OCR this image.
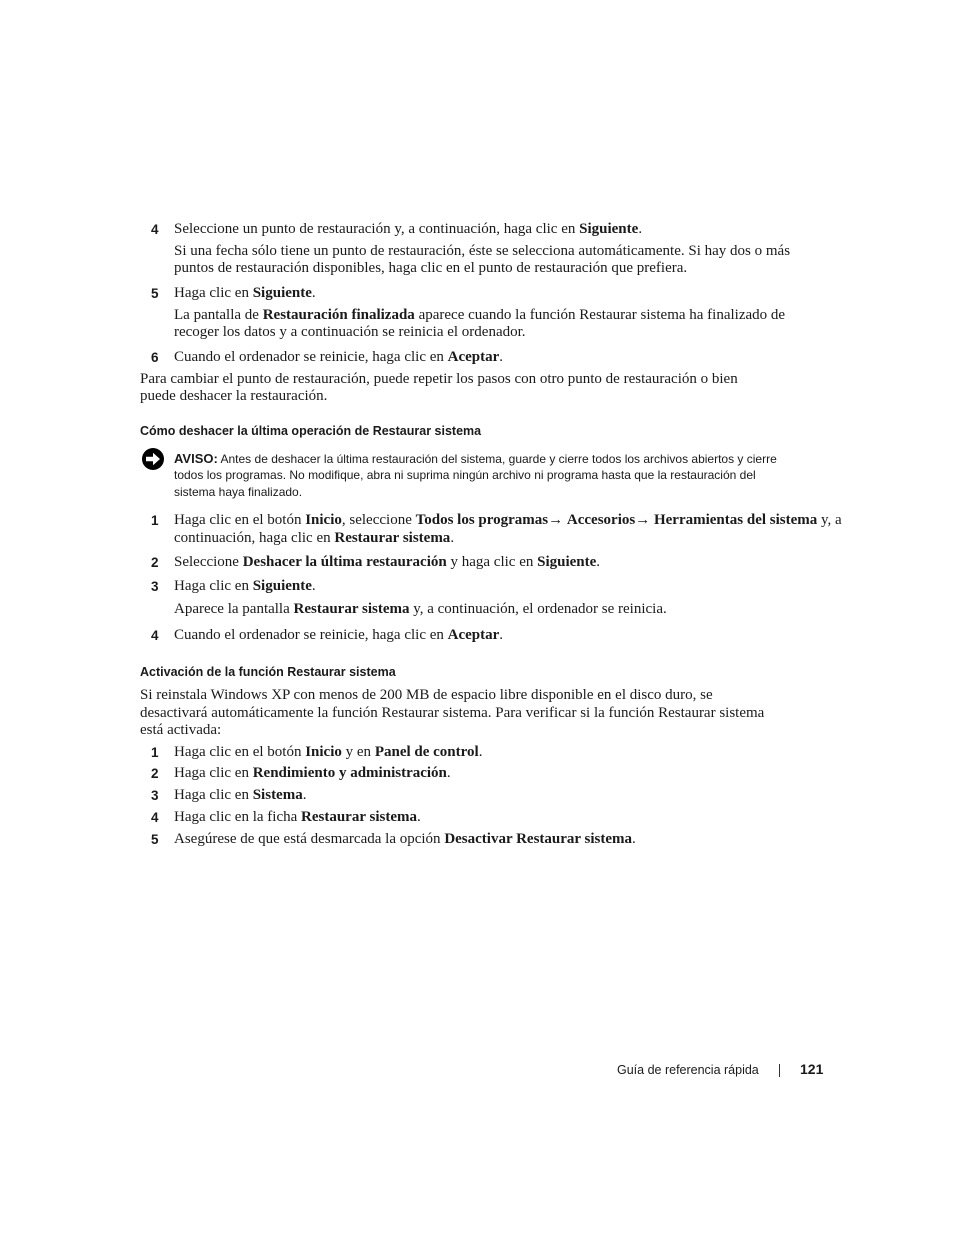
4 Seleccione un punto de restauración y, a continuación, haga clic en Siguiente.
Si una fecha sólo tiene un punto de restauración, éste se selecciona automáticamente. Si hay dos o más
puntos de restauración disponibles, haga clic en el punto de restauración que prefiera.
5 Haga clic en Siguiente.
La pantalla de Restauración finalizada aparece cuando la función Restaurar sistema ha finalizado de
recoger los datos y a continuación se reinicia el ordenador.
6 Cuando el ordenador se reinicie, haga clic en Aceptar.
Para cambiar el punto de restauración, puede repetir los pasos con otro punto de restauración o bien
puede deshacer la restauración.
Cómo deshacer la última operación de Restaurar sistema
AVISO: Antes de deshacer la última restauración del sistema, guarde y cierre todos los archivos abiertos y cierre
todos los programas. No modifique, abra ni suprima ningún archivo ni programa hasta que la restauración del
sistema haya finalizado.
1 Haga clic en el botón Inicio, seleccione Todos los programas→ Accesorios→ Herramientas del sistema y, a
continuación, haga clic en Restaurar sistema.
2 Seleccione Deshacer la última restauración y haga clic en Siguiente.
3 Haga clic en Siguiente.
Aparece la pantalla Restaurar sistema y, a continuación, el ordenador se reinicia.
4 Cuando el ordenador se reinicie, haga clic en Aceptar.
Activación de la función Restaurar sistema
Si reinstala Windows XP con menos de 200 MB de espacio libre disponible en el disco duro, se
desactivará automáticamente la función Restaurar sistema. Para verificar si la función Restaurar sistema
está activada:
1 Haga clic en el botón Inicio y en Panel de control.
2 Haga clic en Rendimiento y administración.
3 Haga clic en Sistema.
4 Haga clic en la ficha Restaurar sistema.
5 Asegúrese de que está desmarcada la opción Desactivar Restaurar sistema.
Guía de referencia rápida	121
